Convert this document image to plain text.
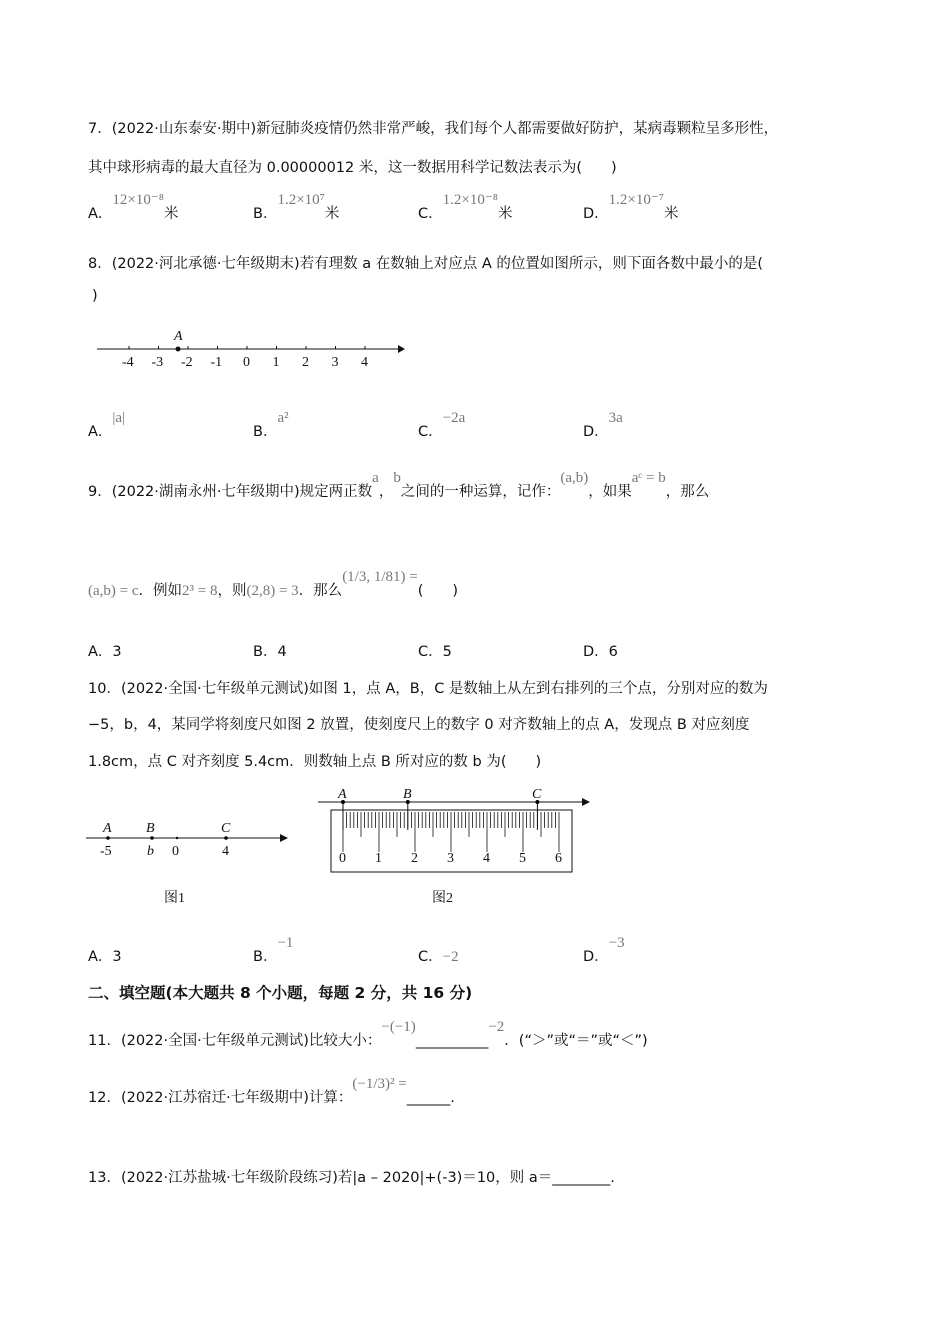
7．(2022·山东泰安·期中)新冠肺炎疫情仍然非常严峻，我们每个人都需要做好防护，某病毒颗粒呈多形性，
其中球形病毒的最大直径为 0.00000012 米，这一数据用科学记数法表示为(　　)
A．12×10⁻⁸米	B．1.2×10⁷米	C．1.2×10⁻⁸米	D．1.2×10⁻⁷米
8．(2022·河北承德·七年级期末)若有理数 a 在数轴上对应点 A 的位置如图所示，则下面各数中最小的是(
)
-4 -3 -2 -1 0 1 2 3 4
A
A．|a|
B．a²
C．−2a
D．3a
9．(2022·湖南永州·七年级期中)规定两正数a，b之间的一种运算，记作：(a,b)，如果aᶜ = b，那么
(a,b) = c．例如2³ = 8，则(2,8) = 3．那么(1/3, 1/81) =(　　)
A．3	B．4	C．5	D．6
10．(2022·全国·七年级单元测试)如图 1，点 A，B，C 是数轴上从左到右排列的三个点，分别对应的数为
−5，b，4，某同学将刻度尺如图 2 放置，使刻度尺上的数字 0 对齐数轴上的点 A，发现点 B 对应刻度
1.8cm，点 C 对齐刻度 5.4cm．则数轴上点 B 所对应的数 b 为(　　)
A B	C
-5	b 0	4
图1
0 1 2 3 4 5 6
A	B	C
图2
A．3	B．−1
C．−2	D．−3
二、填空题(本大题共 8 个小题，每题 2 分，共 16 分)
11．(2022·全国·七年级单元测试)比较大小：−(−1)__________−2．(“＞”或“＝”或“＜”)
12．(2022·江苏宿迁·七年级期中)计算：(−1/3)² =______.
13．(2022·江苏盐城·七年级阶段练习)若|a – 2020|+(-3)＝10，则 a＝________.
